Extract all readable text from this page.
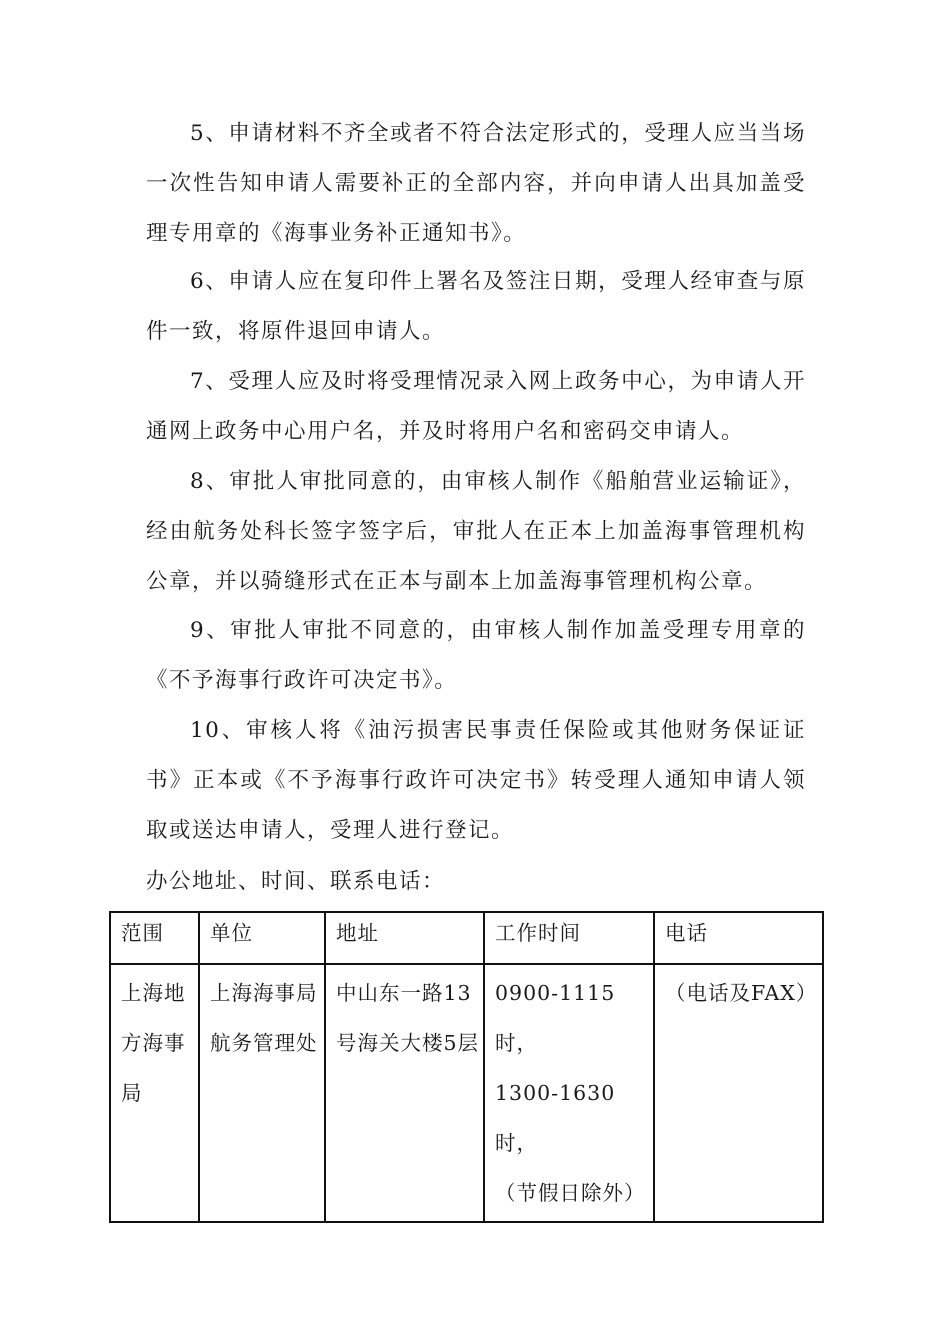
5、申请材料不齐全或者不符合法定形式的，受理人应当当场一次性告知申请人需要补正的全部内容，并向申请人出具加盖受理专用章的《海事业务补正通知书》。

6、申请人应在复印件上署名及签注日期，受理人经审查与原件一致，将原件退回申请人。

7、受理人应及时将受理情况录入网上政务中心，为申请人开通网上政务中心用户名，并及时将用户名和密码交申请人。

8、审批人审批同意的，由审核人制作《船舶营业运输证》，经由航务处科长签字签字后，审批人在正本上加盖海事管理机构公章，并以骑缝形式在正本与副本上加盖海事管理机构公章。

9、审批人审批不同意的，由审核人制作加盖受理专用章的《不予海事行政许可决定书》。

10、审核人将《油污损害民事责任保险或其他财务保证证书》正本或《不予海事行政许可决定书》转受理人通知申请人领取或送达申请人，受理人进行登记。

办公地址、时间、联系电话：

范围	单位	地址	工作时间	电话
上海地方海事局	上海海事局航务管理处	中山东一路13号海关大楼5层	0900-1115时，
1300-1630时，
（节假日除外）	（电话及FAX）
